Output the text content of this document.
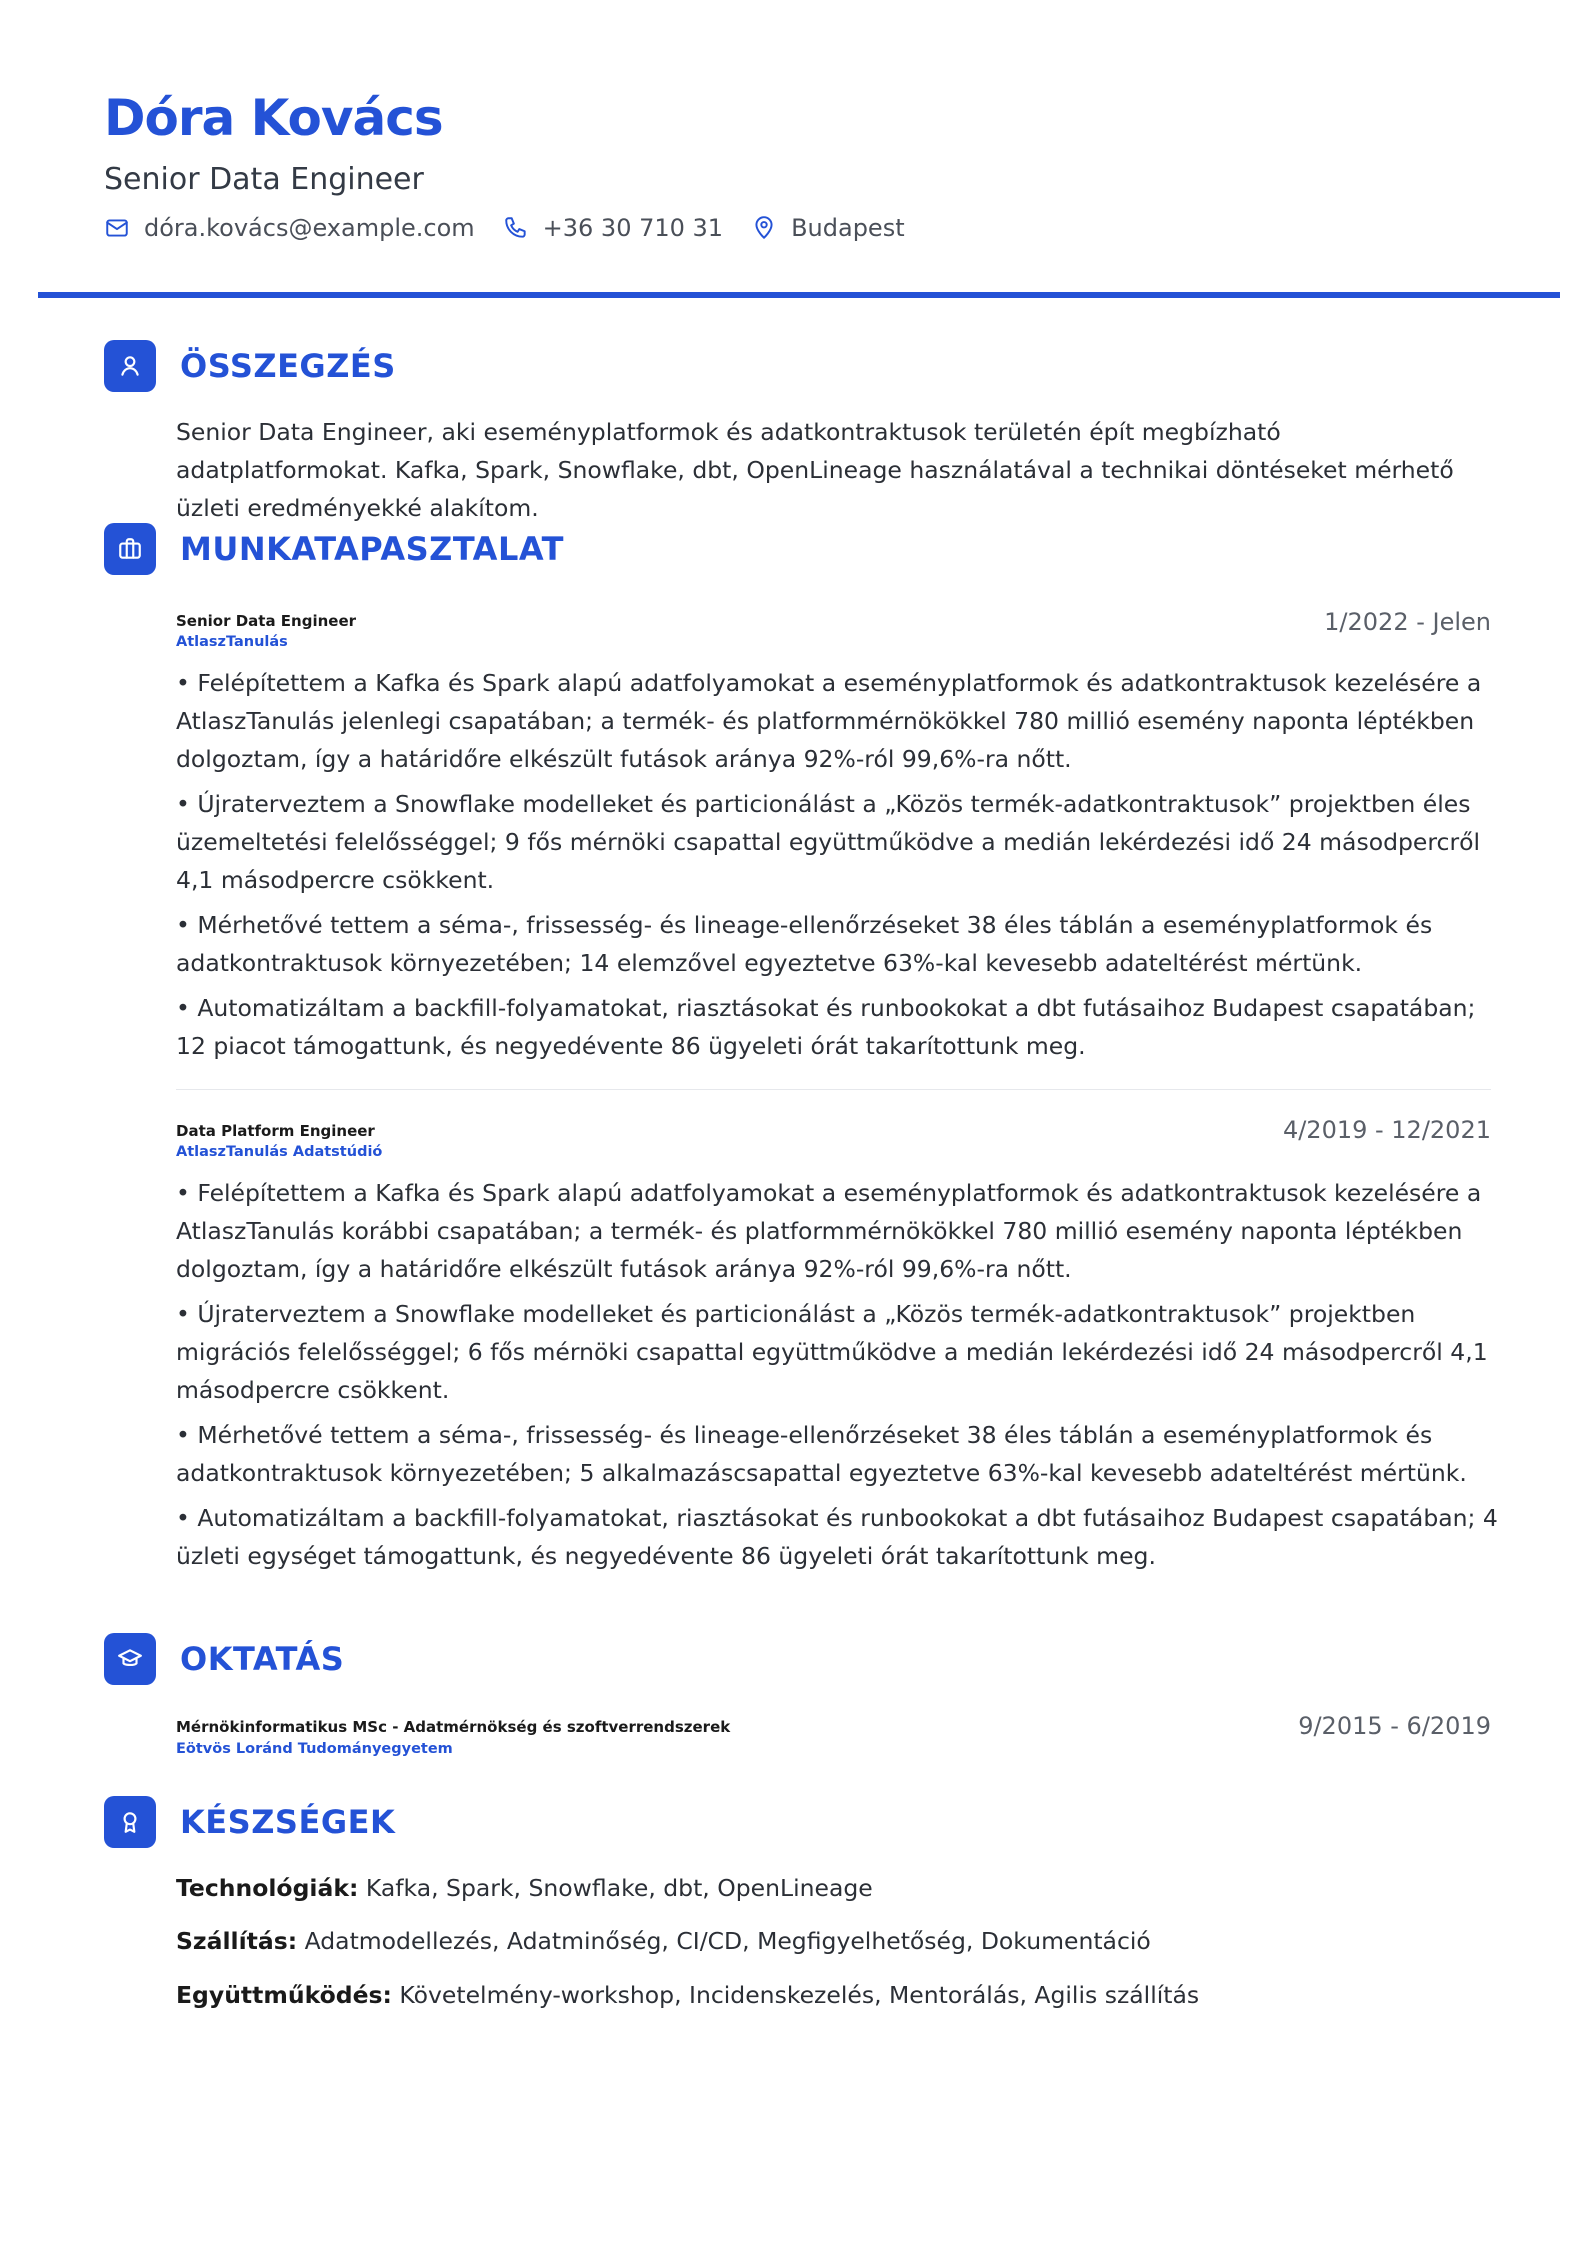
Dóra Kovács
Senior Data Engineer
dóra.kovács@example.com	+36 30 710 31	Budapest
ÖSSZEGZÉS
Senior Data Engineer, aki eseményplatformok és adatkontraktusok területén épít megbízható adatplatformokat. Kafka, Spark, Snowflake, dbt, OpenLineage használatával a technikai döntéseket mérhető üzleti eredményekké alakítom.
MUNKATAPASZTALAT
Senior Data Engineer
AtlaszTanulás
1/2022 - Jelen
• Felépítettem a Kafka és Spark alapú adatfolyamokat a eseményplatformok és adatkontraktusok kezelésére a AtlaszTanulás jelenlegi csapatában; a termék- és platformmérnökökkel 780 millió esemény naponta léptékben dolgoztam, így a határidőre elkészült futások aránya 92%-ról 99,6%-ra nőtt.
• Újraterveztem a Snowflake modelleket és particionálást a „Közös termék-adatkontraktusok” projektben éles üzemeltetési felelősséggel; 9 fős mérnöki csapattal együttműködve a medián lekérdezési idő 24 másodpercről 4,1 másodpercre csökkent.
• Mérhetővé tettem a séma-, frissesség- és lineage-ellenőrzéseket 38 éles táblán a eseményplatformok és adatkontraktusok környezetében; 14 elemzővel egyeztetve 63%-kal kevesebb adateltérést mértünk.
• Automatizáltam a backfill-folyamatokat, riasztásokat és runbookokat a dbt futásaihoz Budapest csapatában; 12 piacot támogattunk, és negyedévente 86 ügyeleti órát takarítottunk meg.
Data Platform Engineer
AtlaszTanulás Adatstúdió
4/2019 - 12/2021
• Felépítettem a Kafka és Spark alapú adatfolyamokat a eseményplatformok és adatkontraktusok kezelésére a AtlaszTanulás korábbi csapatában; a termék- és platformmérnökökkel 780 millió esemény naponta léptékben dolgoztam, így a határidőre elkészült futások aránya 92%-ról 99,6%-ra nőtt.
• Újraterveztem a Snowflake modelleket és particionálást a „Közös termék-adatkontraktusok” projektben migrációs felelősséggel; 6 fős mérnöki csapattal együttműködve a medián lekérdezési idő 24 másodpercről 4,1 másodpercre csökkent.
• Mérhetővé tettem a séma-, frissesség- és lineage-ellenőrzéseket 38 éles táblán a eseményplatformok és adatkontraktusok környezetében; 5 alkalmazáscsapattal egyeztetve 63%-kal kevesebb adateltérést mértünk.
• Automatizáltam a backfill-folyamatokat, riasztásokat és runbookokat a dbt futásaihoz Budapest csapatában; 4 üzleti egységet támogattunk, és negyedévente 86 ügyeleti órát takarítottunk meg.
OKTATÁS
Mérnökinformatikus MSc - Adatmérnökség és szoftverrendszerek
Eötvös Loránd Tudományegyetem
9/2015 - 6/2019
KÉSZSÉGEK
Technológiák: Kafka, Spark, Snowflake, dbt, OpenLineage
Szállítás: Adatmodellezés, Adatminőség, CI/CD, Megfigyelhetőség, Dokumentáció
Együttműködés: Követelmény-workshop, Incidenskezelés, Mentorálás, Agilis szállítás
